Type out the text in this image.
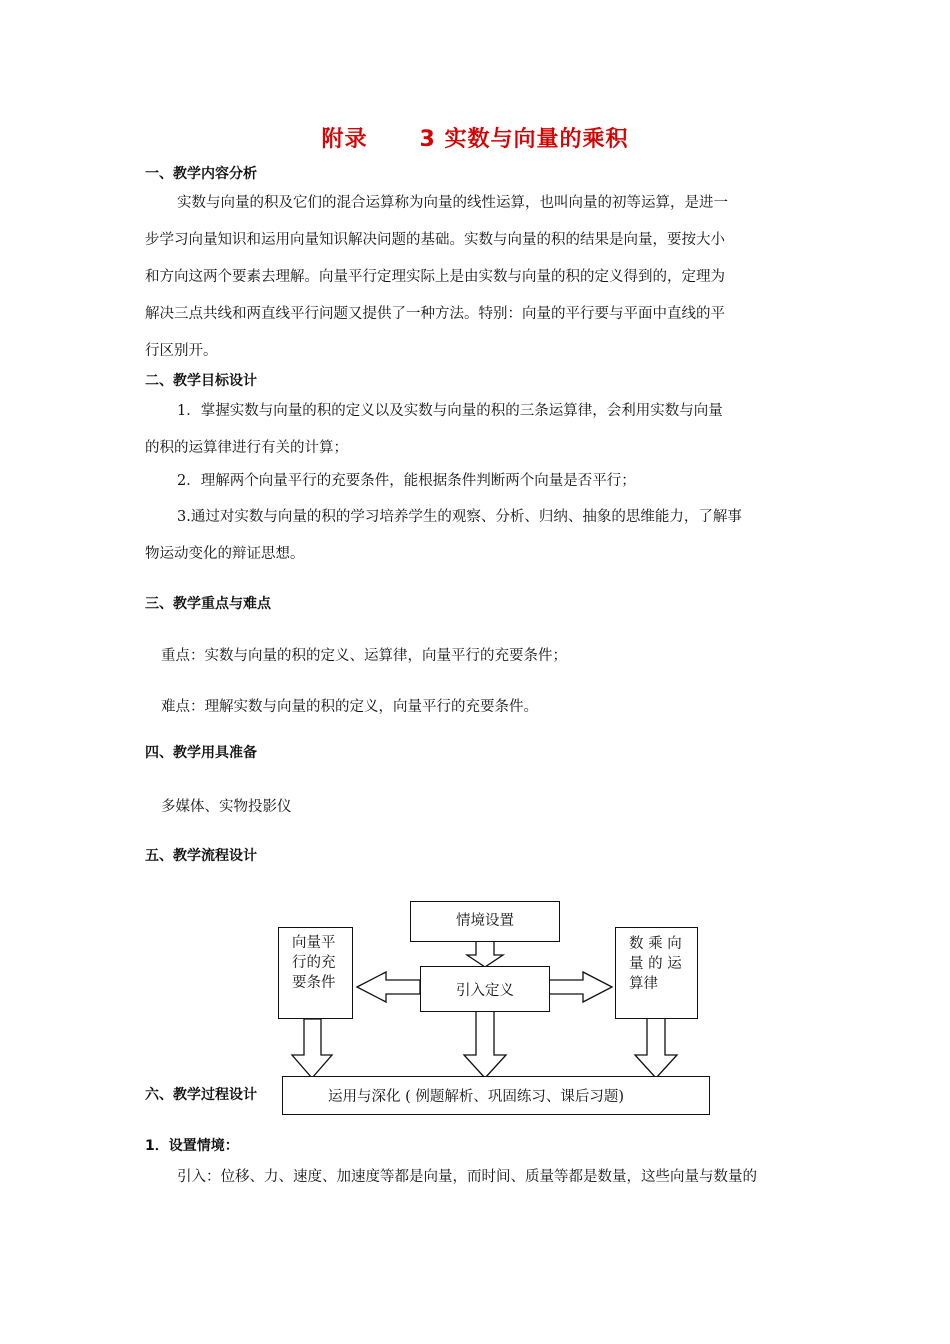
附录 3 实数与向量的乘积
一、教学内容分析
实数与向量的积及它们的混合运算称为向量的线性运算，也叫向量的初等运算，是进一
步学习向量知识和运用向量知识解决问题的基础。实数与向量的积的结果是向量，要按大小
和方向这两个要素去理解。向量平行定理实际上是由实数与向量的积的定义得到的，定理为
解决三点共线和两直线平行问题又提供了一种方法。特别：向量的平行要与平面中直线的平
行区别开。
二、教学目标设计
1．掌握实数与向量的积的定义以及实数与向量的积的三条运算律，会利用实数与向量
的积的运算律进行有关的计算；
2．理解两个向量平行的充要条件，能根据条件判断两个向量是否平行；
3.通过对实数与向量的积的学习培养学生的观察、分析、归纳、抽象的思维能力，了解事
物运动变化的辩证思想。
三、教学重点与难点
重点：实数与向量的积的定义、运算律，向量平行的充要条件；
难点：理解实数与向量的积的定义，向量平行的充要条件。
四、教学用具准备
多媒体、实物投影仪
五、教学流程设计
情境设置
引入定义
向量平
行的充
要条件
数 乘 向
量 的 运
算律
运用与深化 ( 例题解析、巩固练习、课后习题)
六、教学过程设计
1．设置情境：
引入：位移、力、速度、加速度等都是向量，而时间、质量等都是数量，这些向量与数量的
